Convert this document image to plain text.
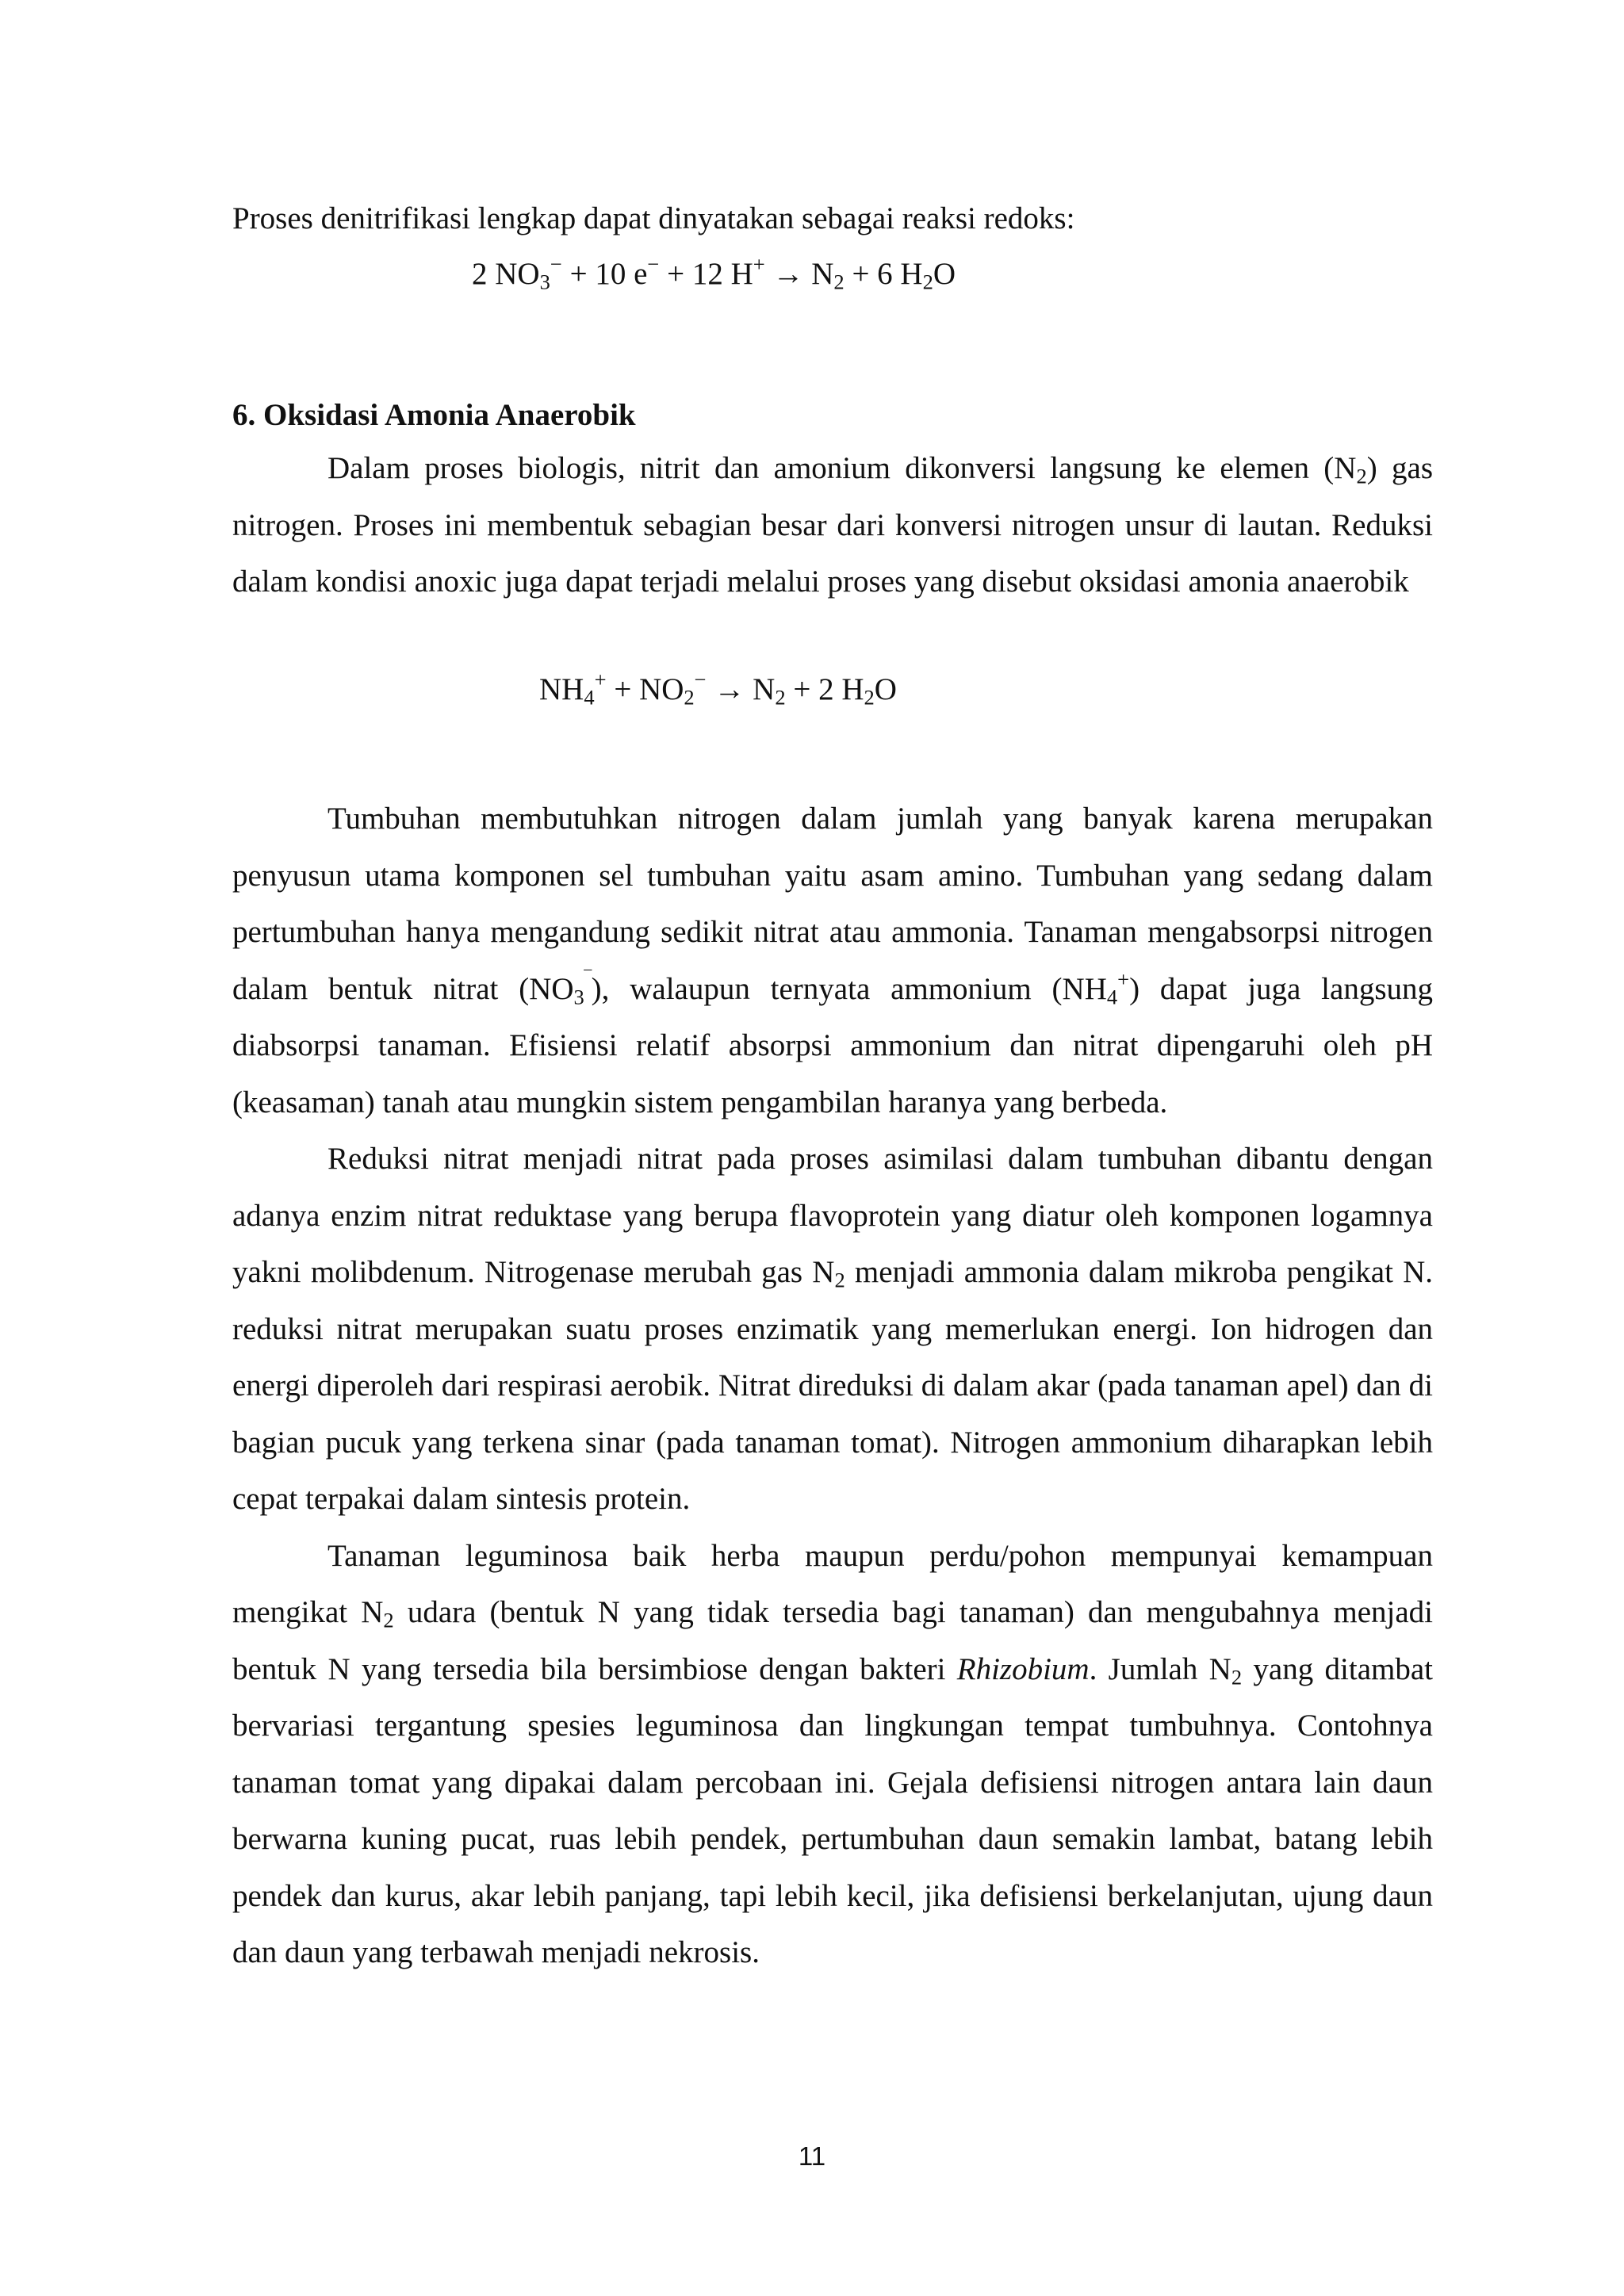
Proses denitrifikasi lengkap dapat dinyatakan sebagai reaksi redoks:
2 $NO_3^- + 10$ e− + 12 $H^+ \to N_2 + 6$ $H_2O$
6. Oksidasi Amonia Anaerobik
Dalam proses biologis, nitrit dan amonium dikonversi langsung ke elemen $(N_2)$ gas nitrogen. Proses ini membentuk sebagian besar dari konversi nitrogen unsur di lautan. Reduksi dalam kondisi anoxic juga dapat terjadi melalui proses yang disebut oksidasi amonia anaerobik
$NH_4^+ + NO_2^- \to N_2 + 2$ $H_2O$
Tumbuhan membutuhkan nitrogen dalam jumlah yang banyak karena merupakan penyusun utama komponen sel tumbuhan yaitu asam amino. Tumbuhan yang sedang dalam pertumbuhan hanya mengandung sedikit nitrat atau ammonia. Tanaman mengabsorpsi nitrogen dalam bentuk nitrat $(NO_3^‾)$, walaupun ternyata ammonium $(NH_4^+)$ dapat juga langsung diabsorpsi tanaman. Efisiensi relatif absorpsi ammonium dan nitrat dipengaruhi oleh pH (keasaman) tanah atau mungkin sistem pengambilan haranya yang berbeda.
Reduksi nitrat menjadi nitrat pada proses asimilasi dalam tumbuhan dibantu dengan adanya enzim nitrat reduktase yang berupa flavoprotein yang diatur oleh komponen logamnya yakni molibdenum. Nitrogenase merubah gas $N_2$ menjadi ammonia dalam mikroba pengikat N. reduksi nitrat merupakan suatu proses enzimatik yang memerlukan energi. Ion hidrogen dan energi diperoleh dari respirasi aerobik. Nitrat direduksi di dalam akar (pada tanaman apel) dan di bagian pucuk yang terkena sinar (pada tanaman tomat). Nitrogen ammonium diharapkan lebih cepat terpakai dalam sintesis protein.
Tanaman leguminosa baik herba maupun perdu/pohon mempunyai kemampuan mengikat $N_2$ udara (bentuk N yang tidak tersedia bagi tanaman) dan mengubahnya menjadi bentuk N yang tersedia bila bersimbiose dengan bakteri Rhizobium. Jumlah $N_2$ yang ditambat bervariasi tergantung spesies leguminosa dan lingkungan tempat tumbuhnya. Contohnya tanaman tomat yang dipakai dalam percobaan ini. Gejala defisiensi nitrogen antara lain daun berwarna kuning pucat, ruas lebih pendek, pertumbuhan daun semakin lambat, batang lebih pendek dan kurus, akar lebih panjang, tapi lebih kecil, jika defisiensi berkelanjutan, ujung daun dan daun yang terbawah menjadi nekrosis.
11
